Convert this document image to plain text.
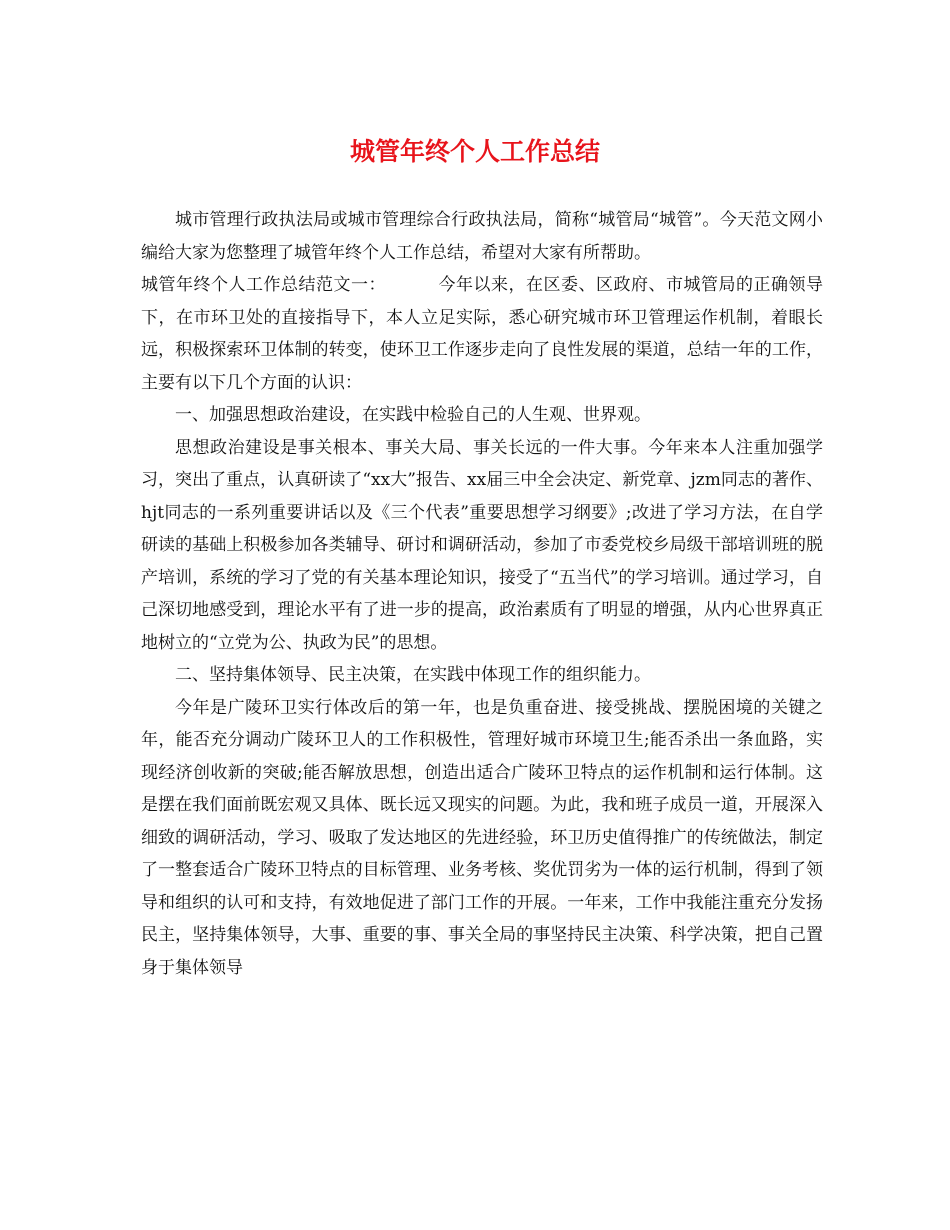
城管年终个人工作总结

城市管理行政执法局或城市管理综合行政执法局，简称“城管局“城管”。今天范文网小编给大家为您整理了城管年终个人工作总结，希望对大家有所帮助。

城管年终个人工作总结范文一：	今年以来，在区委、区政府、市城管局的正确领导下，在市环卫处的直接指导下，本人立足实际，悉心研究城市环卫管理运作机制，着眼长远，积极探索环卫体制的转变，使环卫工作逐步走向了良性发展的渠道，总结一年的工作，主要有以下几个方面的认识：

一、加强思想政治建设，在实践中检验自己的人生观、世界观。

思想政治建设是事关根本、事关大局、事关长远的一件大事。今年来本人注重加强学习，突出了重点，认真研读了“xx大”报告、xx届三中全会决定、新党章、jzm同志的著作、hjt同志的一系列重要讲话以及《三个代表”重要思想学习纲要》;改进了学习方法，在自学研读的基础上积极参加各类辅导、研讨和调研活动，参加了市委党校乡局级干部培训班的脱产培训，系统的学习了党的有关基本理论知识，接受了“五当代”的学习培训。通过学习，自己深切地感受到，理论水平有了进一步的提高，政治素质有了明显的增强，从内心世界真正地树立的“立党为公、执政为民”的思想。

二、坚持集体领导、民主决策，在实践中体现工作的组织能力。

今年是广陵环卫实行体改后的第一年，也是负重奋进、接受挑战、摆脱困境的关键之年，能否充分调动广陵环卫人的工作积极性，管理好城市环境卫生;能否杀出一条血路，实现经济创收新的突破;能否解放思想，创造出适合广陵环卫特点的运作机制和运行体制。这是摆在我们面前既宏观又具体、既长远又现实的问题。为此，我和班子成员一道，开展深入细致的调研活动，学习、吸取了发达地区的先进经验，环卫历史值得推广的传统做法，制定了一整套适合广陵环卫特点的目标管理、业务考核、奖优罚劣为一体的运行机制，得到了领导和组织的认可和支持，有效地促进了部门工作的开展。一年来，工作中我能注重充分发扬民主，坚持集体领导，大事、重要的事、事关全局的事坚持民主决策、科学决策，把自己置身于集体领导
